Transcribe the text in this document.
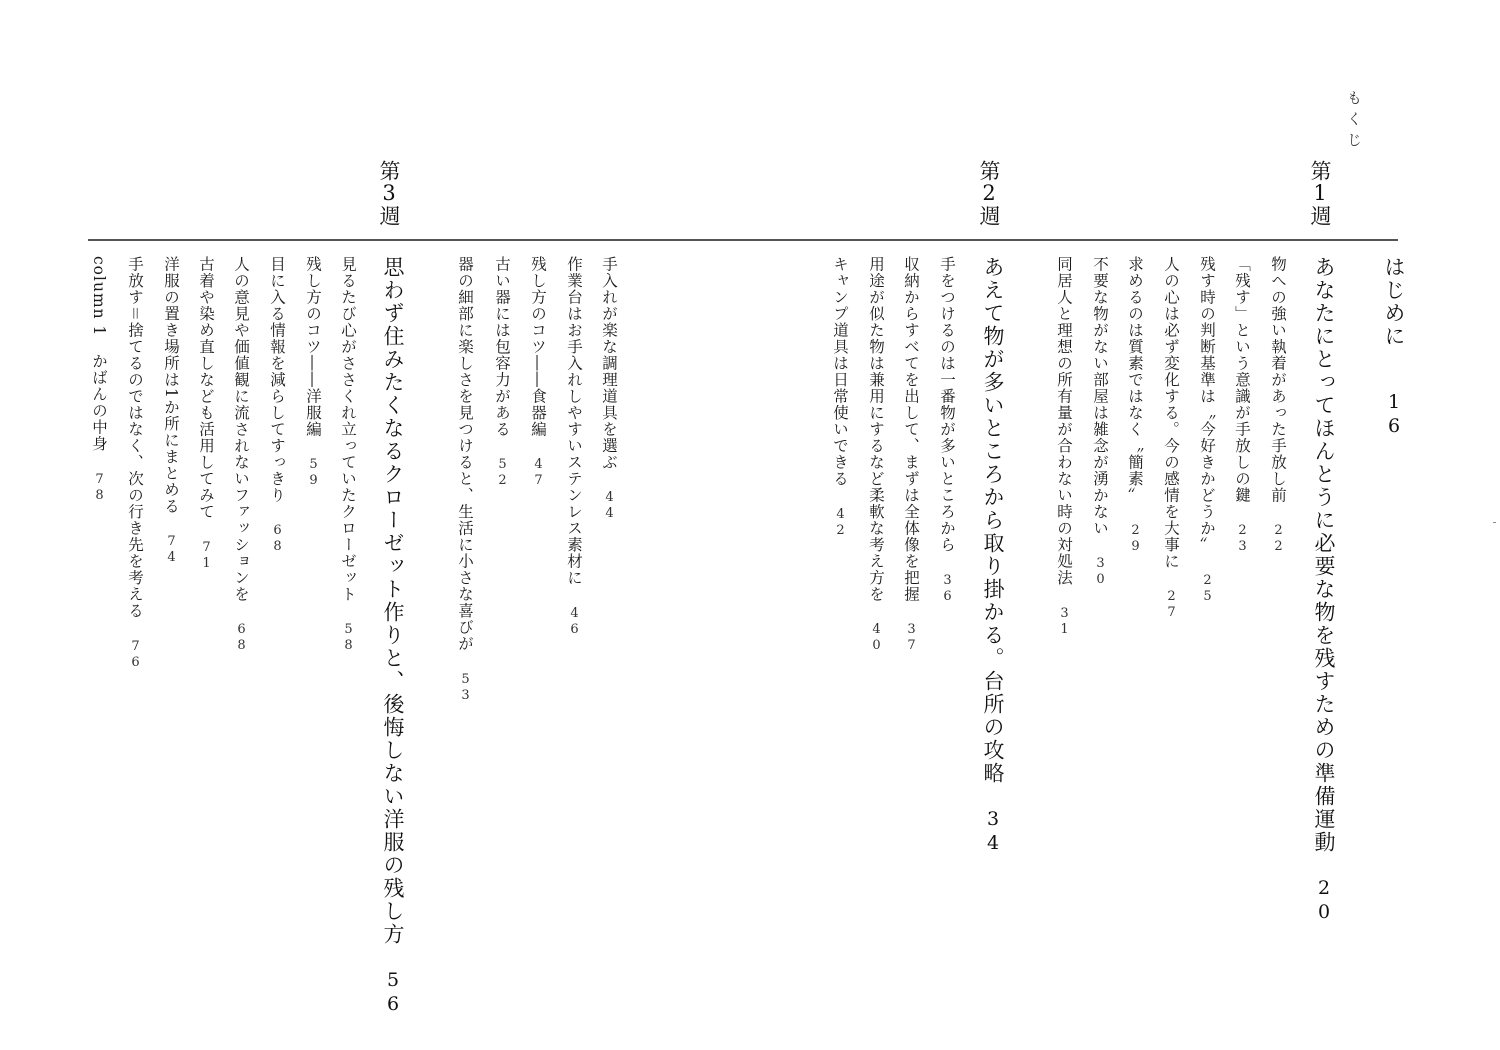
もくじ
第1週
第2週
第3週
はじめに 16
あなたにとってほんとうに必要な物を残すための準備運動 20
物への強い執着があった手放し前 22
「残す」という意識が手放しの鍵 23
残す時の判断基準は〝今好きかどうか〟 25
人の心は必ず変化する。今の感情を大事に 27
求めるのは質素ではなく〝簡素〟 29
不要な物がない部屋は雑念が湧かない 30
同居人と理想の所有量が合わない時の対処法 31
あえて物が多いところから取り掛かる。台所の攻略 34
手をつけるのは一番物が多いところから 36
収納からすべてを出して、まずは全体像を把握 37
用途が似た物は兼用にするなど柔軟な考え方を 40
キャンプ道具は日常使いできる 42
器の細部に楽しさを見つけると、生活に小さな喜びが 53
古い器には包容力がある 52
残し方のコツ――食器編 47 作業台はお手入れしやすいステンレス素材に 46
手入れが楽な調理道具を選ぶ 44
思わず住みたくなるクローゼット作りと、後悔しない洋服の残し方 56
見るたび心がささくれ立っていたクローゼット 58
残し方のコツ――洋服編 59
目に入る情報を減らしてすっきり 68
人の意見や価値観に流されないファッションを 68
古着や染め直しなども活用してみて 71
洋服の置き場所は1か所にまとめる 74
手放す＝捨てるのではなく、次の行き先を考える 76
column 1　かばんの中身 78
